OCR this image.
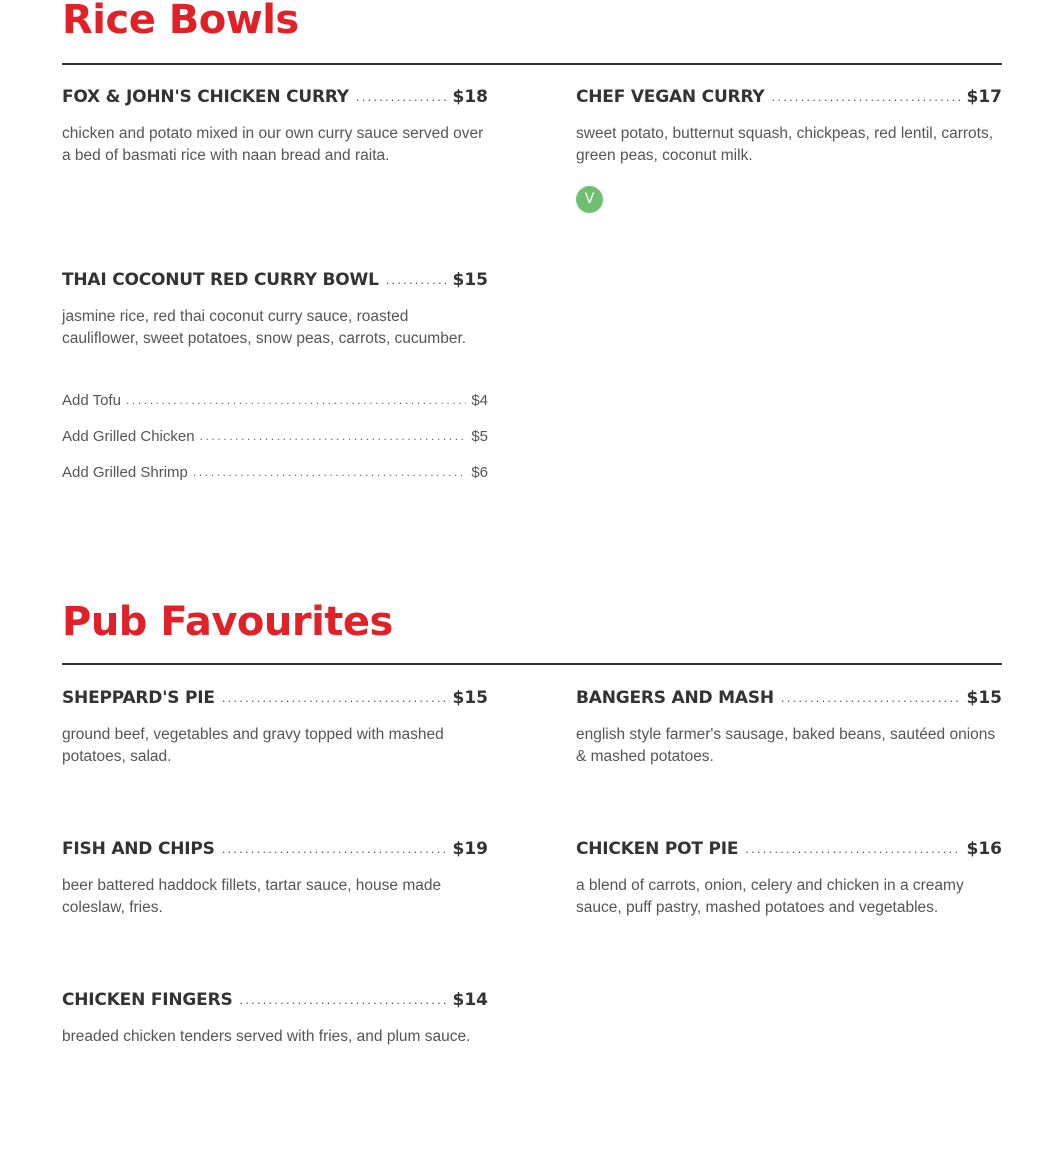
Rice Bowls
FOX & JOHN'S CHICKEN CURRY .....	$18
chicken and potato mixed in our own curry sauce served over a bed of basmati rice with naan bread and raita.
CHEF VEGAN CURRY .....	$17
sweet potato, butternut squash, chickpeas, red lentil, carrots, green peas, coconut milk.
V
THAI COCONUT RED CURRY BOWL .....	$15
jasmine rice, red thai coconut curry sauce, roasted cauliflower, sweet potatoes, snow peas, carrots, cucumber.
Add Tofu .....	$4
Add Grilled Chicken .....	$5
Add Grilled Shrimp .....	$6
Pub Favourites
SHEPPARD'S PIE .....	$15
ground beef, vegetables and gravy topped with mashed potatoes, salad.
BANGERS AND MASH .....	$15
english style farmer's sausage, baked beans, sautéed onions & mashed potatoes.
FISH AND CHIPS .....	$19
beer battered haddock fillets, tartar sauce, house made coleslaw, fries.
CHICKEN POT PIE .....	$16
a blend of carrots, onion, celery and chicken in a creamy sauce, puff pastry, mashed potatoes and vegetables.
CHICKEN FINGERS .....	$14
breaded chicken tenders served with fries, and plum sauce.
